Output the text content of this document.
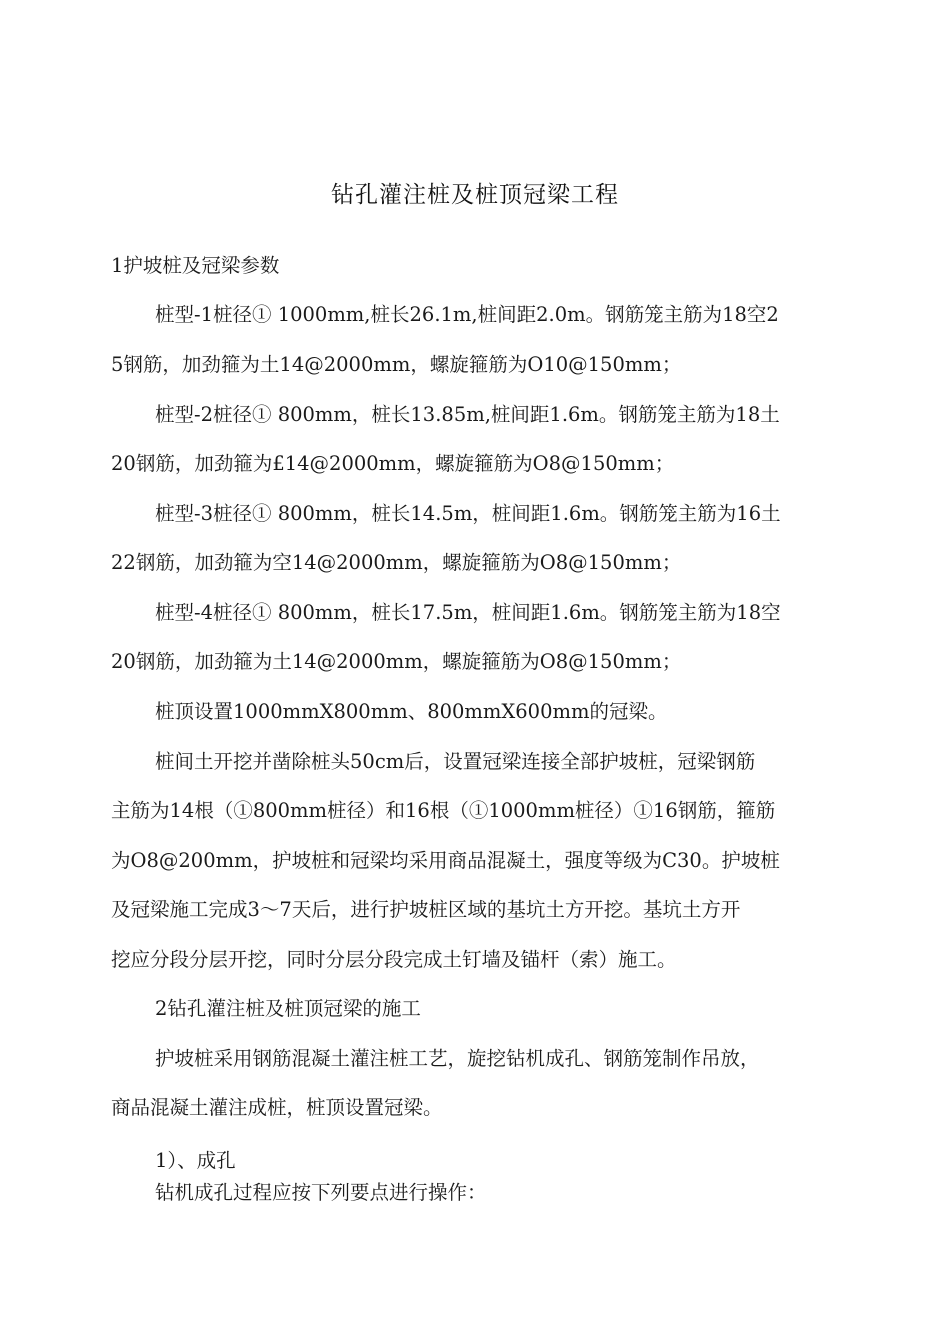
钻孔灌注桩及桩顶冠梁工程
1护坡桩及冠梁参数
桩型-1桩径① 1000mm,桩长26.1m,桩间距2.0m。钢筋笼主筋为18空2
5钢筋，加劲箍为土14@2000mm，螺旋箍筋为O10@150mm；
桩型-2桩径① 800mm，桩长13.85m,桩间距1.6m。钢筋笼主筋为18土
20钢筋，加劲箍为£14@2000mm，螺旋箍筋为O8@150mm；
桩型-3桩径① 800mm，桩长14.5m，桩间距1.6m。钢筋笼主筋为16土
22钢筋，加劲箍为空14@2000mm，螺旋箍筋为O8@150mm；
桩型-4桩径① 800mm，桩长17.5m，桩间距1.6m。钢筋笼主筋为18空
20钢筋，加劲箍为土14@2000mm，螺旋箍筋为O8@150mm；
桩顶设置1000mmX800mm、800mmX600mm的冠梁。
桩间土开挖并凿除桩头50cm后，设置冠梁连接全部护坡桩，冠梁钢筋
主筋为14根（①800mm桩径）和16根（①1000mm桩径）①16钢筋，箍筋
为O8@200mm，护坡桩和冠梁均采用商品混凝土，强度等级为C30。护坡桩
及冠梁施工完成3〜7天后，进行护坡桩区域的基坑土方开挖。基坑土方开
挖应分段分层开挖，同时分层分段完成土钉墙及锚杆（索）施工。
2钻孔灌注桩及桩顶冠梁的施工
护坡桩采用钢筋混凝土灌注桩工艺，旋挖钻机成孔、钢筋笼制作吊放，
商品混凝土灌注成桩，桩顶设置冠梁。
1）、成孔
钻机成孔过程应按下列要点进行操作：
